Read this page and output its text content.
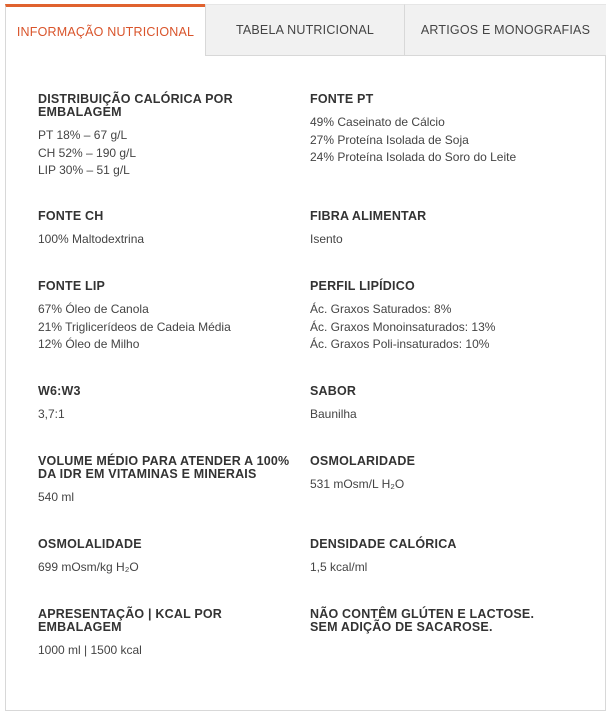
INFORMAÇÃO NUTRICIONAL	TABELA NUTRICIONAL	ARTIGOS E MONOGRAFIAS
DISTRIBUIÇÃO CALÓRICA POR EMBALAGEM
PT 18% – 67 g/L
CH 52% – 190 g/L
LIP 30% – 51 g/L
FONTE PT
49% Caseinato de Cálcio
27% Proteína Isolada de Soja
24% Proteína Isolada do Soro do Leite
FONTE CH
100% Maltodextrina
FIBRA ALIMENTAR
Isento
FONTE LIP
67% Óleo de Canola
21% Triglicerídeos de Cadeia Média
12% Óleo de Milho
PERFIL LIPÍDICO
Ác. Graxos Saturados: 8%
Ác. Graxos Monoinsaturados: 13%
Ác. Graxos Poli-insaturados: 10%
W6:W3
3,7:1
SABOR
Baunilha
VOLUME MÉDIO PARA ATENDER A 100% DA IDR EM VITAMINAS E MINERAIS
540 ml
OSMOLARIDADE
531 mOsm/L H₂O
OSMOLALIDADE
699 mOsm/kg H₂O
DENSIDADE CALÓRICA
1,5 kcal/ml
APRESENTAÇÃO | KCAL POR EMBALAGEM
1000 ml | 1500 kcal
NÃO CONTÊM GLÚTEN E LACTOSE. SEM ADIÇÃO DE SACAROSE.
